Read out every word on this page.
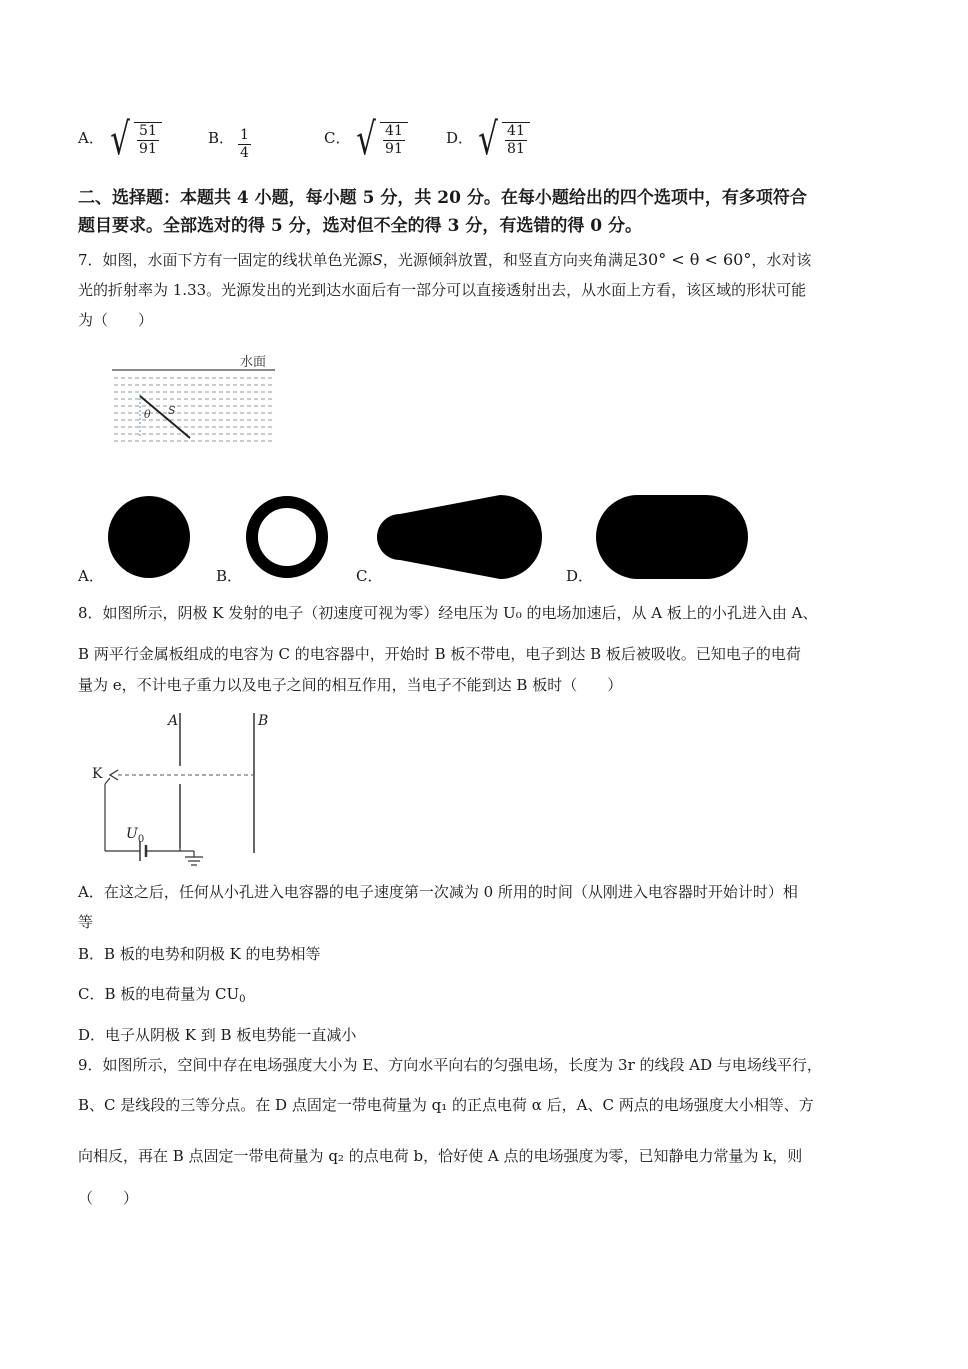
A． √ $\frac{51}{91}$	B． $\frac{1}{4}$	C． √ $\frac{41}{91}$	D． √ $\frac{41}{81}$
二、选择题：本题共 4 小题，每小题 5 分，共 20 分。在每小题给出的四个选项中，有多项符合
题目要求。全部选对的得 5 分，选对但不全的得 3 分，有选错的得 0 分。
7．如图，水面下方有一固定的线状单色光源S，光源倾斜放置，和竖直方向夹角满足30° < θ < 60°，水对该
光的折射率为 1.33。光源发出的光到达水面后有一部分可以直接透射出去，从水面上方看，该区域的形状可能
为（　　）
水面
θ S
A．	B．	C．	D．
8．如图所示，阴极 K 发射的电子（初速度可视为零）经电压为 U₀ 的电场加速后，从 A 板上的小孔进入由 A、
B 两平行金属板组成的电容为 C 的电容器中，开始时 B 板不带电，电子到达 B 板后被吸收。已知电子的电荷
量为 e，不计电子重力以及电子之间的相互作用，当电子不能到达 B 板时（　　）
A	B
K
$U_0$
A．在这之后，任何从小孔进入电容器的电子速度第一次减为 0 所用的时间（从刚进入电容器时开始计时）相
等
B．B 板的电势和阴极 K 的电势相等
C．B 板的电荷量为 $CU_0$
D．电子从阴极 K 到 B 板电势能一直减小
9．如图所示，空间中存在电场强度大小为 E、方向水平向右的匀强电场，长度为 3r 的线段 AD 与电场线平行，
B、C 是线段的三等分点。在 D 点固定一带电荷量为 q₁ 的正点电荷 α 后，A、C 两点的电场强度大小相等、方
向相反，再在 B 点固定一带电荷量为 q₂ 的点电荷 b，恰好使 A 点的电场强度为零，已知静电力常量为 k，则
（　　）
